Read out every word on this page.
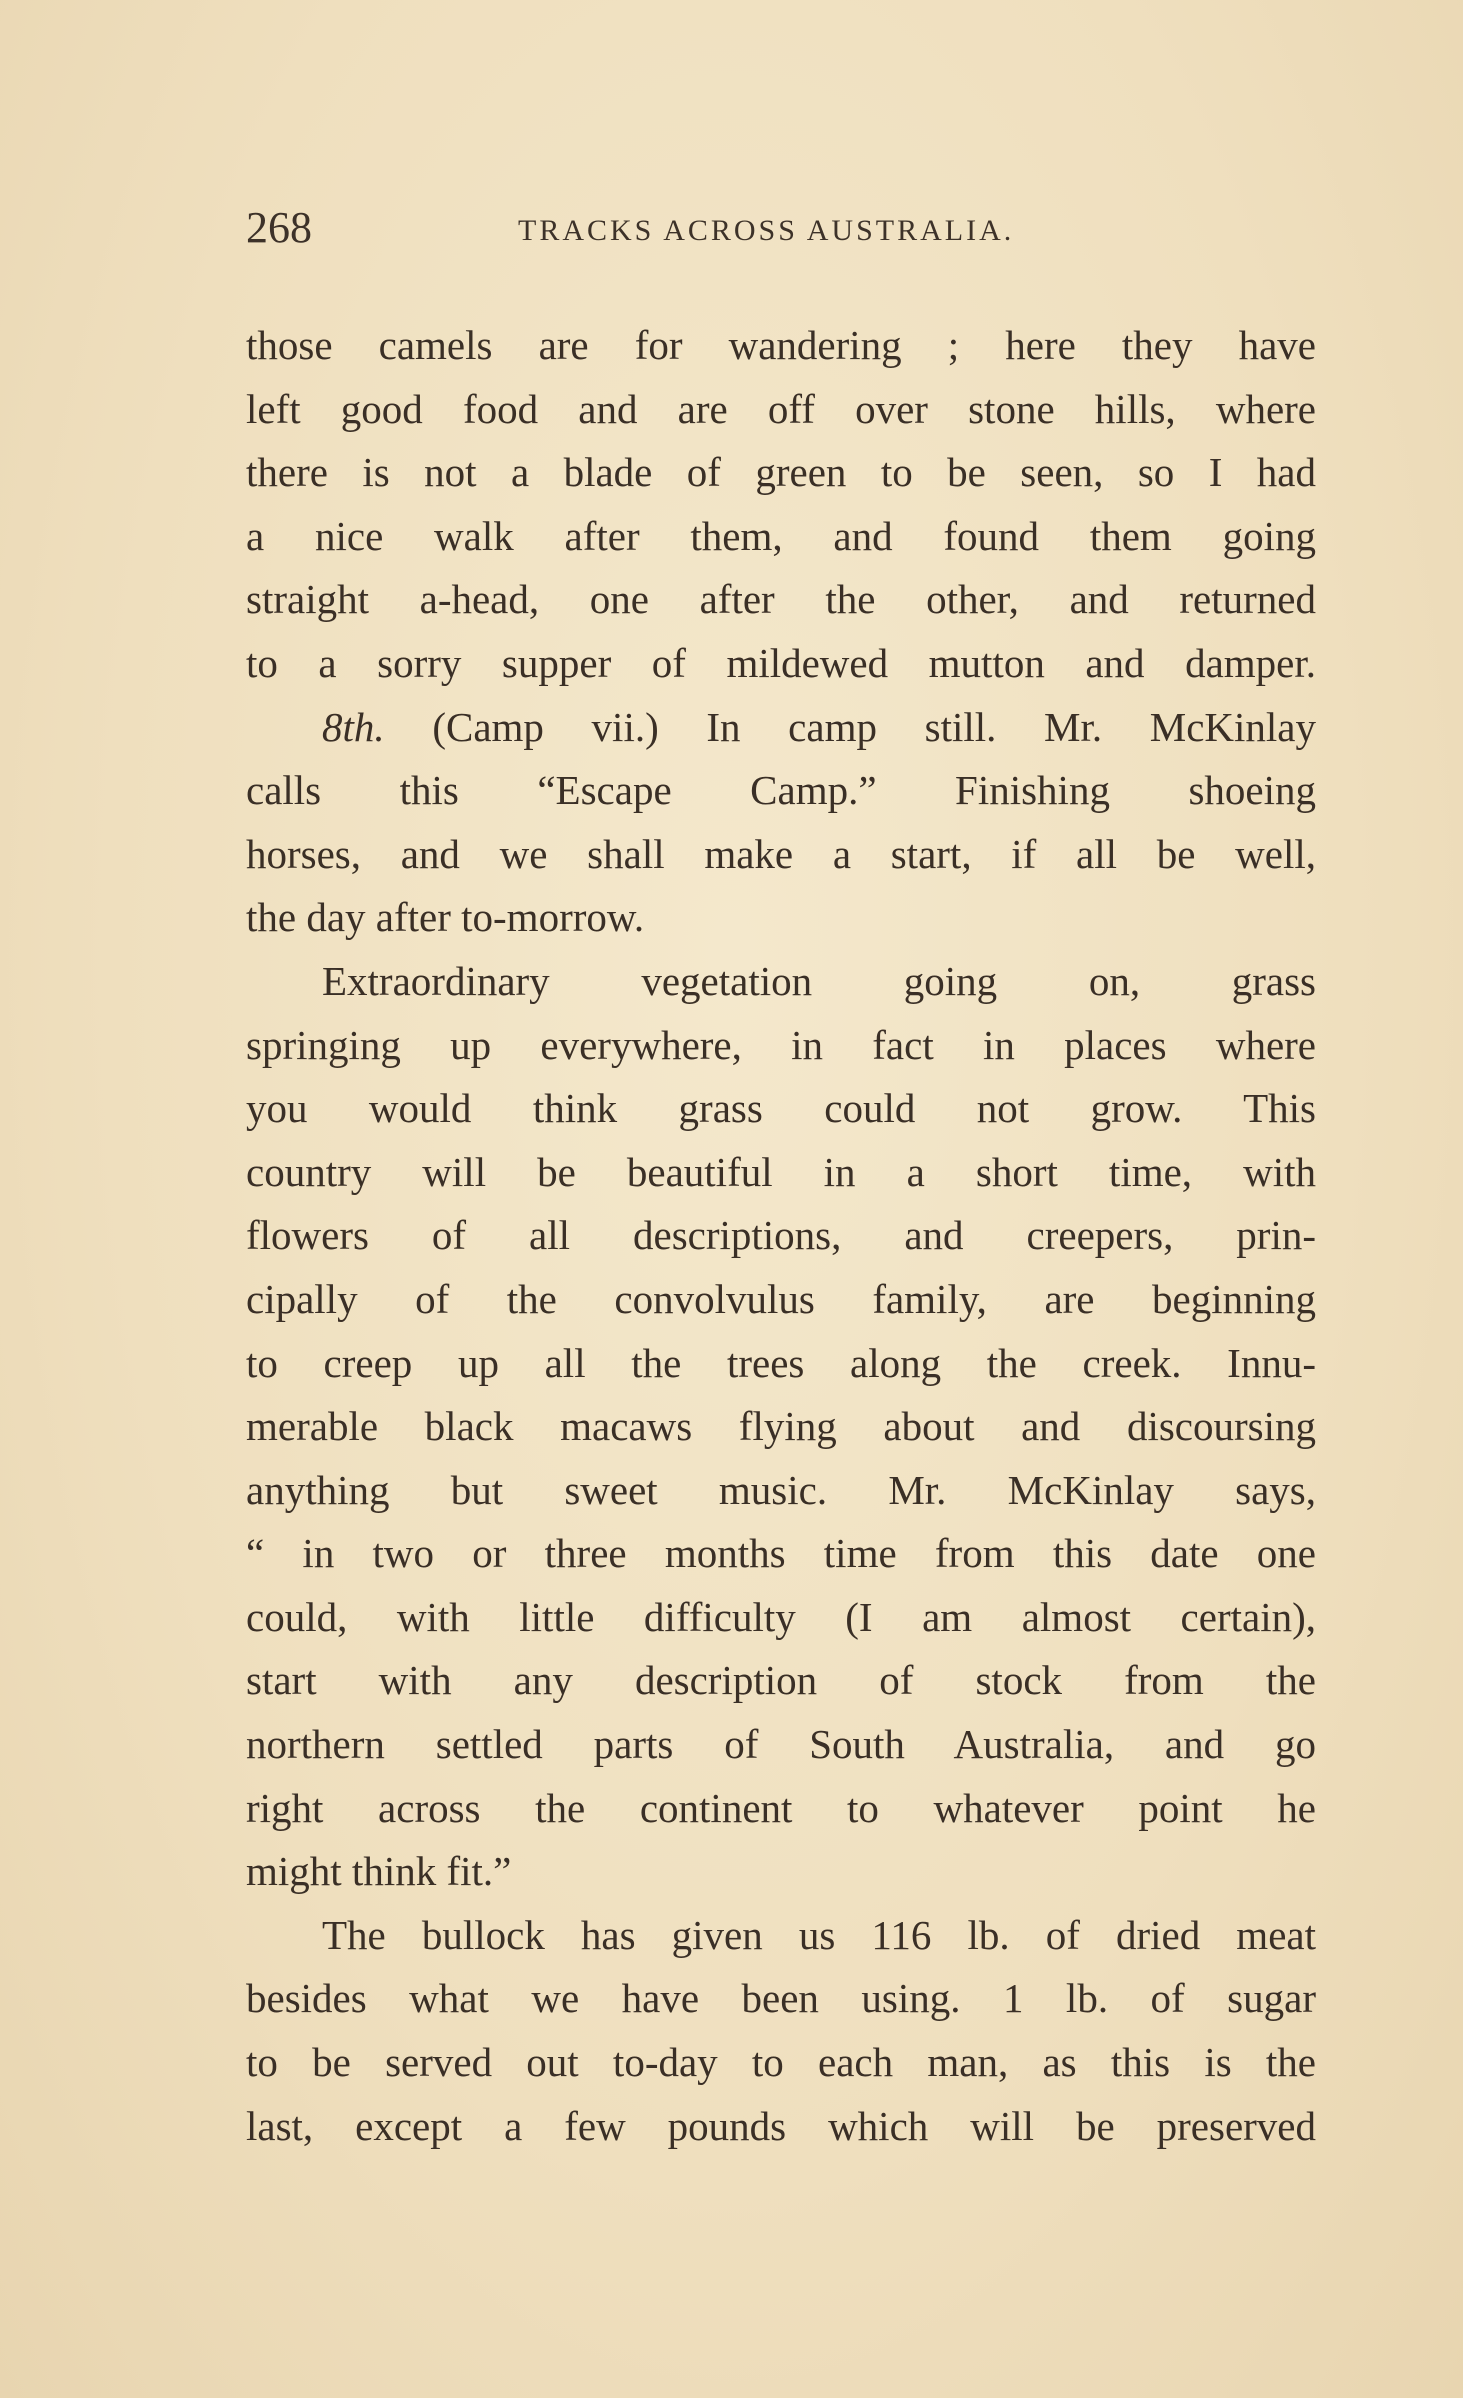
268	TRACKS ACROSS AUSTRALIA.
those camels are for wandering ; here they have
left good food and are off over stone hills, where
there is not a blade of green to be seen, so I had
a nice walk after them, and found them going
straight a-head, one after the other, and returned
to a sorry supper of mildewed mutton and damper.
8th. (Camp vii.) In camp still. Mr. McKinlay
calls this “Escape Camp.” Finishing shoeing
horses, and we shall make a start, if all be well,
the day after to-morrow.
Extraordinary vegetation going on, grass
springing up everywhere, in fact in places where
you would think grass could not grow. This
country will be beautiful in a short time, with
flowers of all descriptions, and creepers, prin-
cipally of the convolvulus family, are beginning
to creep up all the trees along the creek. Innu-
merable black macaws flying about and discoursing
anything but sweet music. Mr. McKinlay says,
“ in two or three months time from this date one
could, with little difficulty (I am almost certain),
start with any description of stock from the
northern settled parts of South Australia, and go
right across the continent to whatever point he
might think fit.”
The bullock has given us 116 lb. of dried meat
besides what we have been using. 1 lb. of sugar
to be served out to-day to each man, as this is the
last, except a few pounds which will be preserved
